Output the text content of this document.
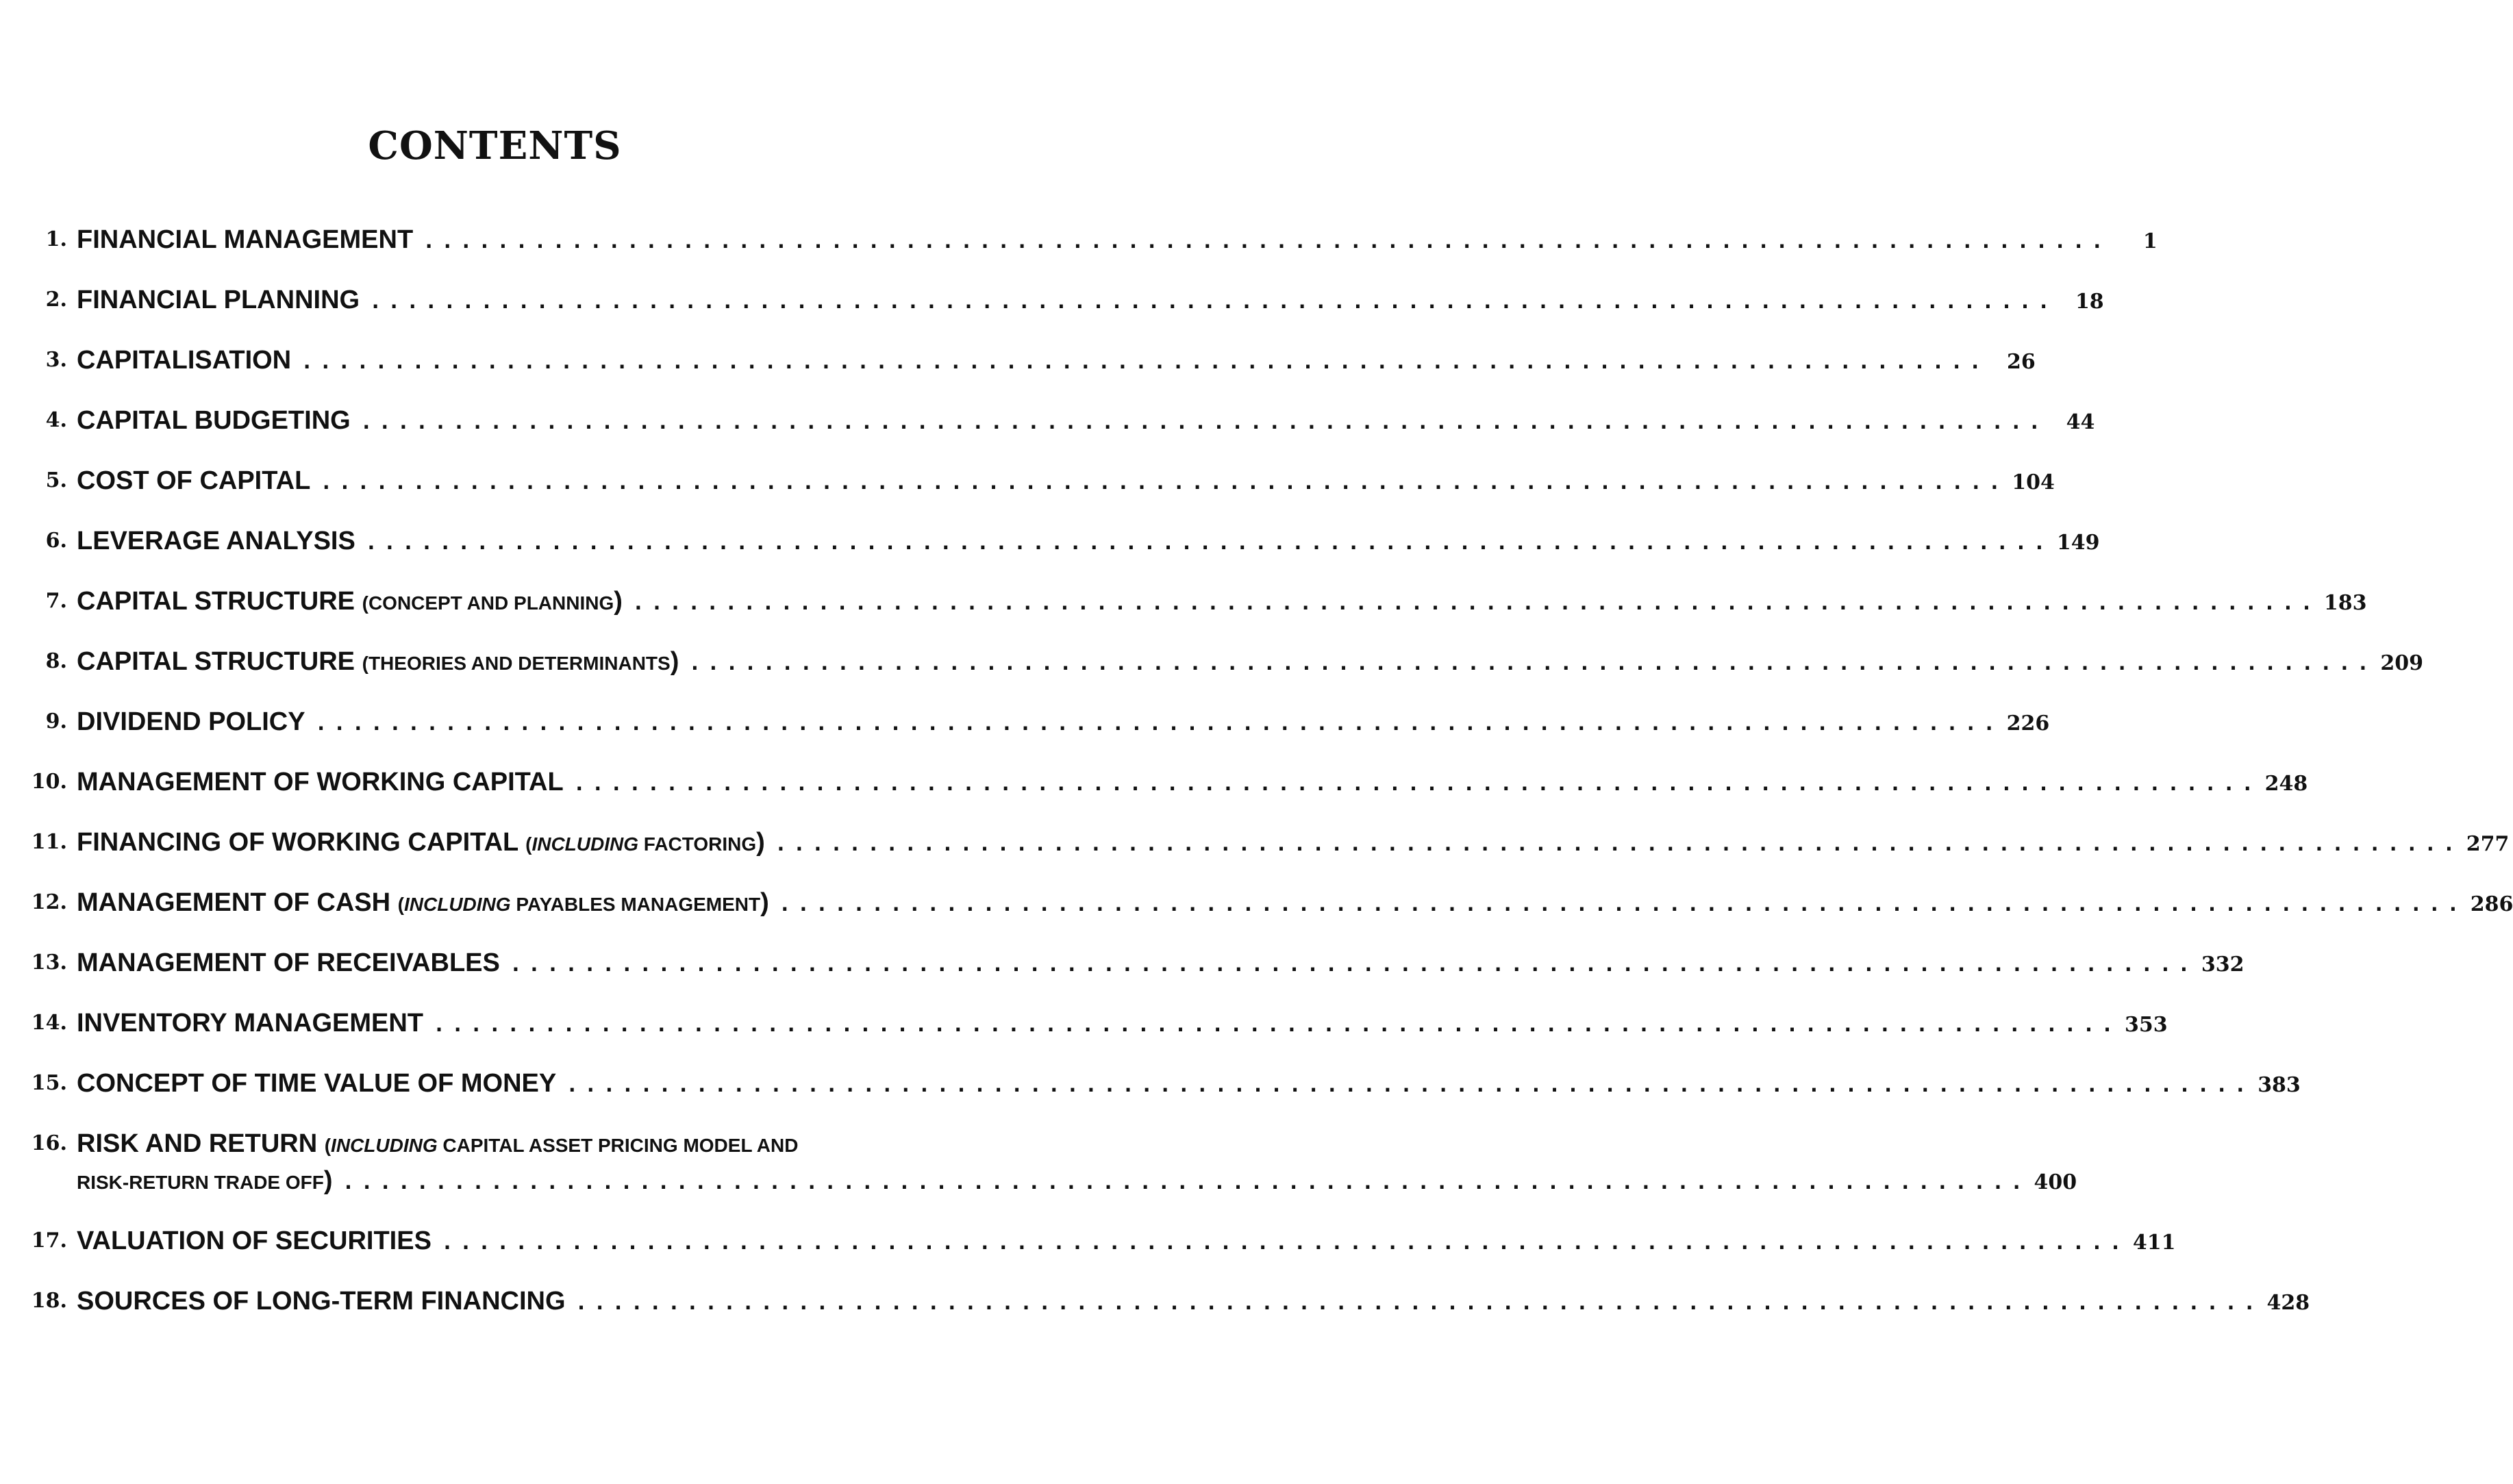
CONTENTS
1. FINANCIAL MANAGEMENT ...........................................................................................	1
2. FINANCIAL PLANNING ........................................................................................... 18
3. CAPITALISATION ........................................................................................... 26
4. CAPITAL BUDGETING ........................................................................................... 44
5. COST OF CAPITAL ........................................................................................... 104
6. LEVERAGE ANALYSIS ........................................................................................... 149
7. CAPITAL STRUCTURE (CONCEPT AND PLANNING) ........................................................................................... 183
8. CAPITAL STRUCTURE (THEORIES AND DETERMINANTS) ........................................................................................... 209
9. DIVIDEND POLICY ........................................................................................... 226
10. MANAGEMENT OF WORKING CAPITAL ........................................................................................... 248
11. FINANCING OF WORKING CAPITAL (INCLUDING FACTORING) ........................................................................................... 277
12. MANAGEMENT OF CASH (INCLUDING PAYABLES MANAGEMENT) ........................................................................................... 286
13. MANAGEMENT OF RECEIVABLES ........................................................................................... 332
14. INVENTORY MANAGEMENT ........................................................................................... 353
15. CONCEPT OF TIME VALUE OF MONEY ........................................................................................... 383
16. RISK AND RETURN (INCLUDING CAPITAL ASSET PRICING MODEL AND
RISK-RETURN TRADE OFF) ........................................................................................... 400
17. VALUATION OF SECURITIES ........................................................................................... 411
18. SOURCES OF LONG-TERM FINANCING ........................................................................................... 428
